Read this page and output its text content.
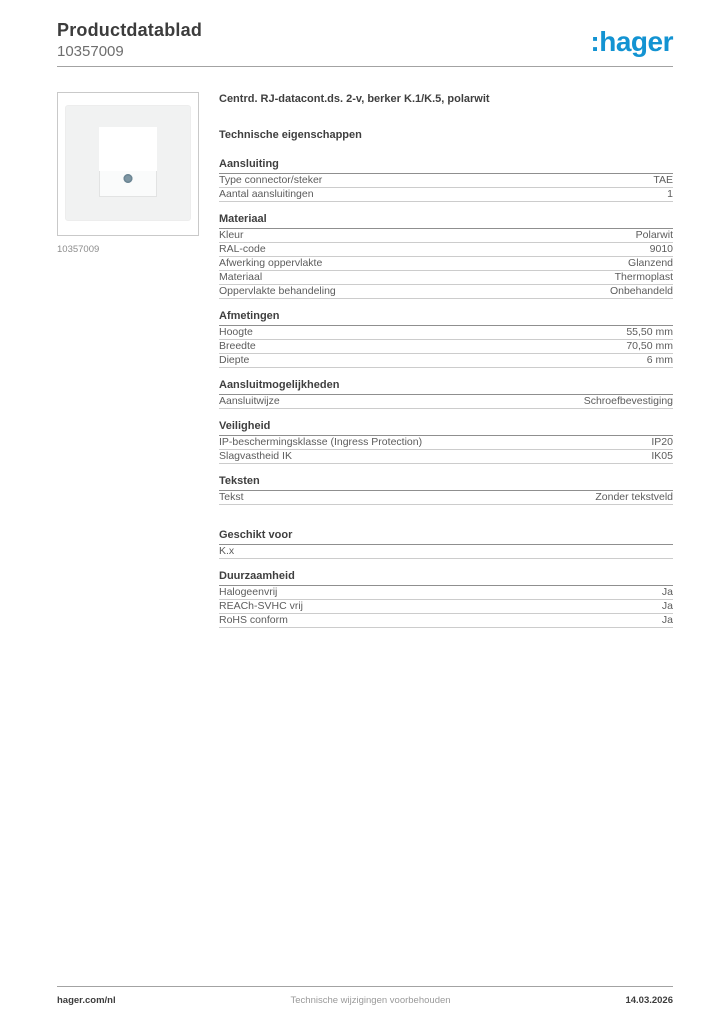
Productdatablad
10357009	:hager
10357009
Centrd. RJ-datacont.ds. 2-v, berker K.1/K.5, polarwit
Technische eigenschappen
Aansluiting
Type connector/steker	TAE
Aantal aansluitingen	1
Materiaal
Kleur	Polarwit
RAL-code	9010
Afwerking oppervlakte	Glanzend
Materiaal	Thermoplast
Oppervlakte behandeling	Onbehandeld
Afmetingen
Hoogte	55,50 mm
Breedte	70,50 mm
Diepte	6 mm
Aansluitmogelijkheden
Aansluitwijze	Schroefbevestiging
Veiligheid
IP-beschermingsklasse (Ingress Protection)	IP20
Slagvastheid IK	IK05
Teksten
Tekst	Zonder tekstveld
Geschikt voor
K.x
Duurzaamheid
Halogeenvrij	Ja
REACh-SVHC vrij	Ja
RoHS conform	Ja
hager.com/nl	Technische wijzigingen voorbehouden	14.03.2026
